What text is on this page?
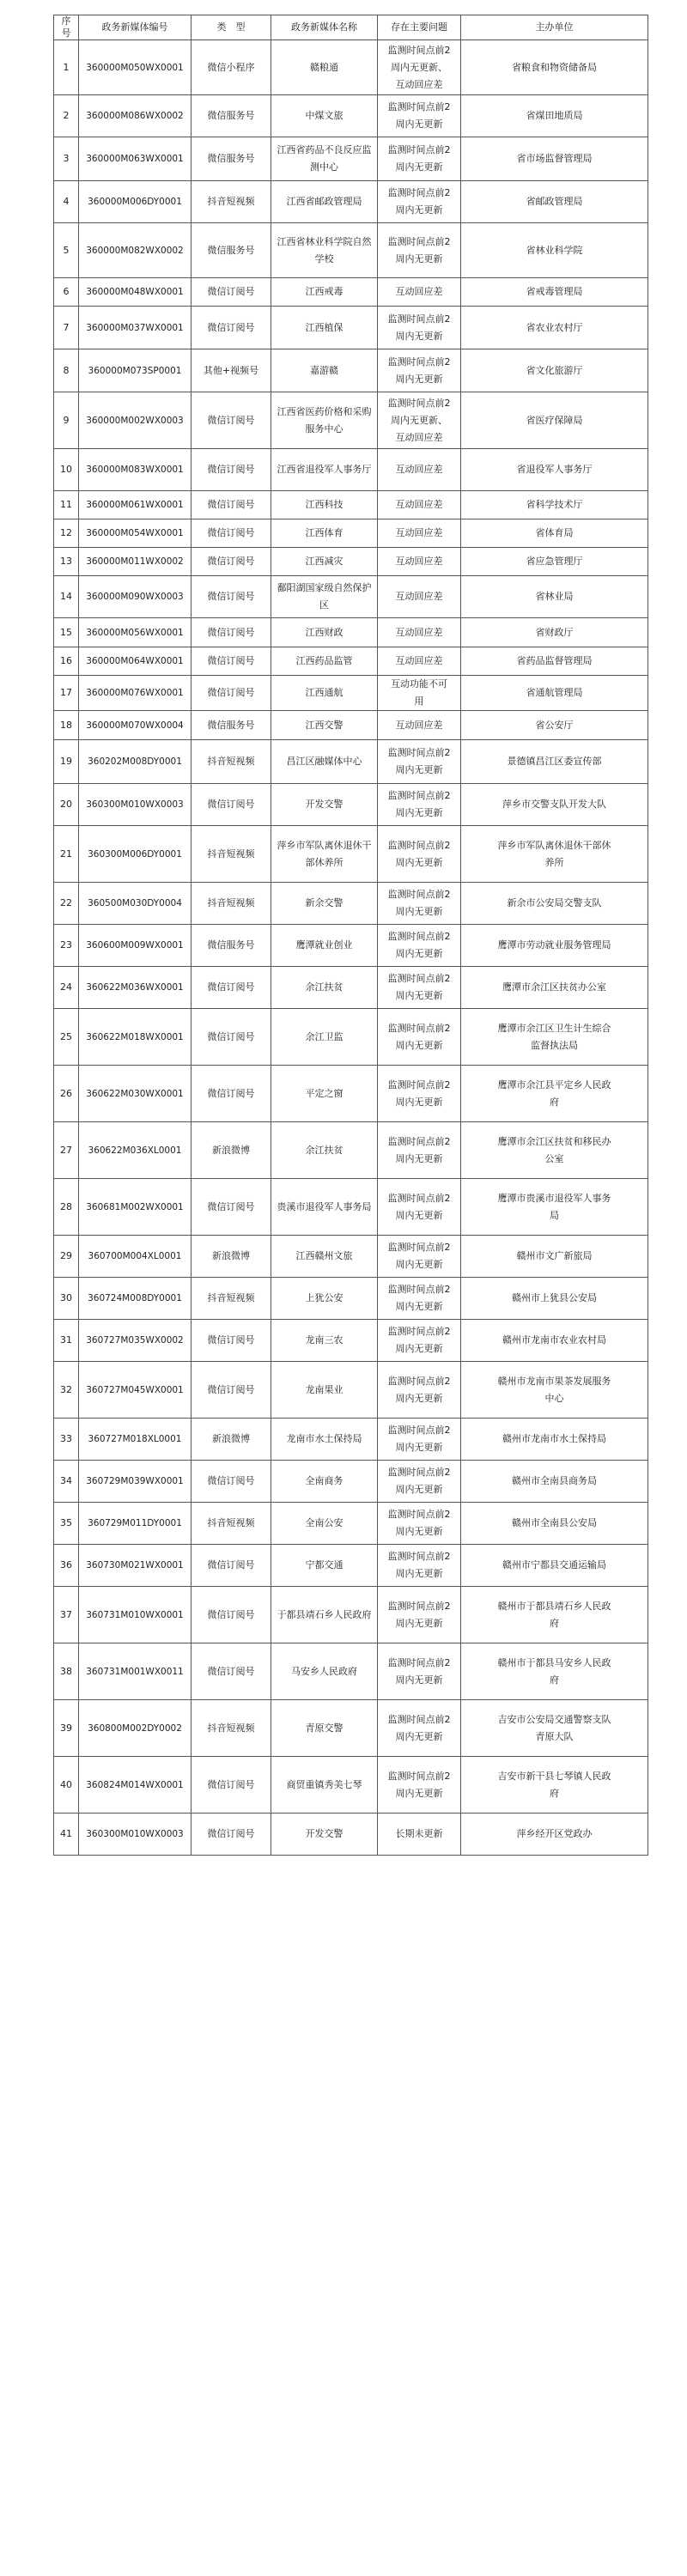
序号	政务新媒体编号	类　型	政务新媒体名称	存在主要问题	主办单位
1	360000M050WX0001	微信小程序	赣粮通	监测时间点前2周内无更新、互动回应差	省粮食和物资储备局
2	360000M086WX0002	微信服务号	中煤文旅	监测时间点前2周内无更新	省煤田地质局
3	360000M063WX0001	微信服务号	江西省药品不良反应监测中心	监测时间点前2周内无更新	省市场监督管理局
4	360000M006DY0001	抖音短视频	江西省邮政管理局	监测时间点前2周内无更新	省邮政管理局
5	360000M082WX0002	微信服务号	江西省林业科学院自然学校	监测时间点前2周内无更新	省林业科学院
6	360000M048WX0001	微信订阅号	江西戒毒	互动回应差	省戒毒管理局
7	360000M037WX0001	微信订阅号	江西植保	监测时间点前2周内无更新	省农业农村厅
8	360000M073SP0001	其他+视频号	嘉游赣	监测时间点前2周内无更新	省文化旅游厅
9	360000M002WX0003	微信订阅号	江西省医药价格和采购服务中心	监测时间点前2周内无更新、互动回应差	省医疗保障局
10	360000M083WX0001	微信订阅号	江西省退役军人事务厅	互动回应差	省退役军人事务厅
11	360000M061WX0001	微信订阅号	江西科技	互动回应差	省科学技术厅
12	360000M054WX0001	微信订阅号	江西体育	互动回应差	省体育局
13	360000M011WX0002	微信订阅号	江西减灾	互动回应差	省应急管理厅
14	360000M090WX0003	微信订阅号	鄱阳湖国家级自然保护区	互动回应差	省林业局
15	360000M056WX0001	微信订阅号	江西财政	互动回应差	省财政厅
16	360000M064WX0001	微信订阅号	江西药品监管	互动回应差	省药品监督管理局
17	360000M076WX0001	微信订阅号	江西通航	互动功能不可用	省通航管理局
18	360000M070WX0004	微信服务号	江西交警	互动回应差	省公安厅
19	360202M008DY0001	抖音短视频	昌江区融媒体中心	监测时间点前2周内无更新	景德镇昌江区委宣传部
20	360300M010WX0003	微信订阅号	开发交警	监测时间点前2周内无更新	萍乡市交警支队开发大队
21	360300M006DY0001	抖音短视频	萍乡市军队离休退休干部休养所	监测时间点前2周内无更新	萍乡市军队离休退休干部休养所
22	360500M030DY0004	抖音短视频	新余交警	监测时间点前2周内无更新	新余市公安局交警支队
23	360600M009WX0001	微信服务号	鹰潭就业创业	监测时间点前2周内无更新	鹰潭市劳动就业服务管理局
24	360622M036WX0001	微信订阅号	余江扶贫	监测时间点前2周内无更新	鹰潭市余江区扶贫办公室
25	360622M018WX0001	微信订阅号	余江卫监	监测时间点前2周内无更新	鹰潭市余江区卫生计生综合监督执法局
26	360622M030WX0001	微信订阅号	平定之窗	监测时间点前2周内无更新	鹰潭市余江县平定乡人民政府
27	360622M036XL0001	新浪微博	余江扶贫	监测时间点前2周内无更新	鹰潭市余江区扶贫和移民办公室
28	360681M002WX0001	微信订阅号	贵溪市退役军人事务局	监测时间点前2周内无更新	鹰潭市贵溪市退役军人事务局
29	360700M004XL0001	新浪微博	江西赣州文旅	监测时间点前2周内无更新	赣州市文广新旅局
30	360724M008DY0001	抖音短视频	上犹公安	监测时间点前2周内无更新	赣州市上犹县公安局
31	360727M035WX0002	微信订阅号	龙南三农	监测时间点前2周内无更新	赣州市龙南市农业农村局
32	360727M045WX0001	微信订阅号	龙南果业	监测时间点前2周内无更新	赣州市龙南市果茶发展服务中心
33	360727M018XL0001	新浪微博	龙南市水土保持局	监测时间点前2周内无更新	赣州市龙南市水土保持局
34	360729M039WX0001	微信订阅号	全南商务	监测时间点前2周内无更新	赣州市全南县商务局
35	360729M011DY0001	抖音短视频	全南公安	监测时间点前2周内无更新	赣州市全南县公安局
36	360730M021WX0001	微信订阅号	宁都交通	监测时间点前2周内无更新	赣州市宁都县交通运输局
37	360731M010WX0001	微信订阅号	于都县靖石乡人民政府	监测时间点前2周内无更新	赣州市于都县靖石乡人民政府
38	360731M001WX0011	微信订阅号	马安乡人民政府	监测时间点前2周内无更新	赣州市于都县马安乡人民政府
39	360800M002DY0002	抖音短视频	青原交警	监测时间点前2周内无更新	吉安市公安局交通警察支队青原大队
40	360824M014WX0001	微信订阅号	商贸重镇秀美七琴	监测时间点前2周内无更新	吉安市新干县七琴镇人民政府
41	360300M010WX0003	微信订阅号	开发交警	长期未更新	萍乡经开区党政办
